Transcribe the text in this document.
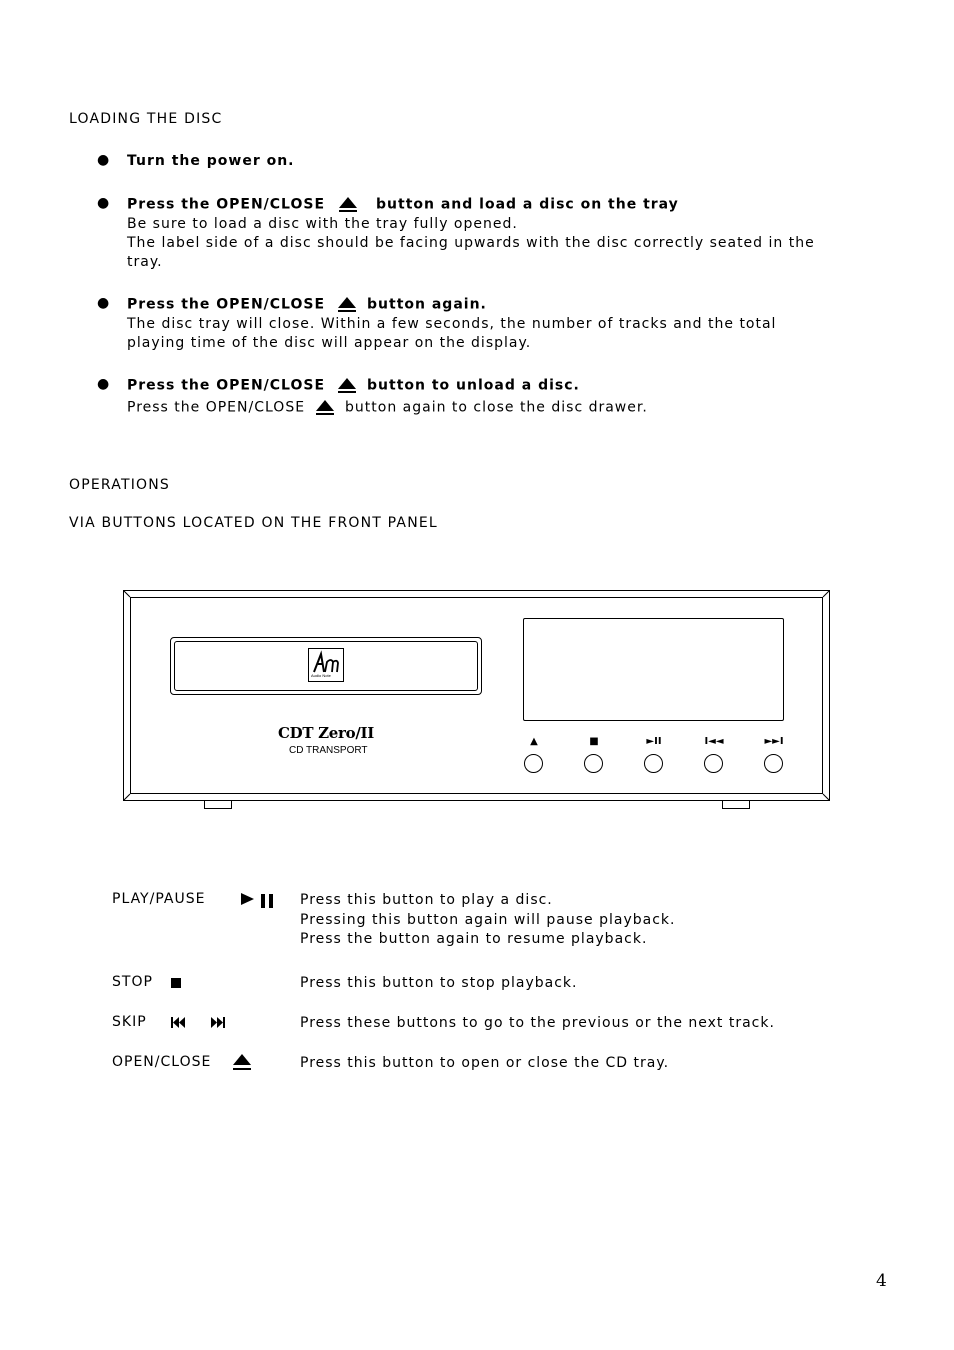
LOADING THE DISC
● Turn the power on.
● Press the OPEN/CLOSE	button and load a disc on the tray
Be sure to load a disc with the tray fully opened.
The label side of a disc should be facing upwards with the disc correctly seated in the
tray.
● Press the OPEN/CLOSE	button again.
The disc tray will close. Within a few seconds, the number of tracks and the total
playing time of the disc will appear on the display.
● Press the OPEN/CLOSE	button to unload a disc.
Press the OPEN/CLOSE	button again to close the disc drawer.
OPERATIONS
VIA BUTTONS LOCATED ON THE FRONT PANEL
Audio Note
CDT Zero/II
CD TRANSPORT
▲	■	►II	I◄◄	►►I
PLAY/PAUSE	Press this button to play a disc.
Pressing this button again will pause playback.
Press the button again to resume playback.
STOP	Press this button to stop playback.
SKIP	Press these buttons to go to the previous or the next track.
OPEN/CLOSE	Press this button to open or close the CD tray.
4
